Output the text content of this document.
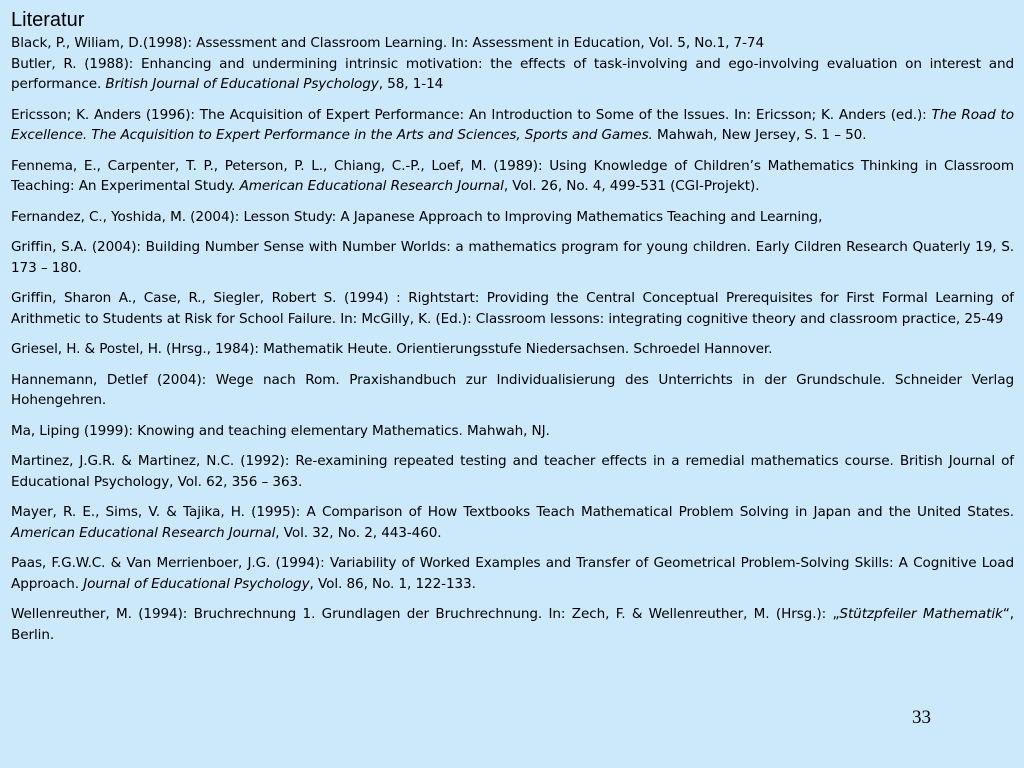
Literatur
Black, P., Wiliam, D.(1998): Assessment and Classroom Learning. In: Assessment in Education, Vol. 5, No.1, 7-74
Butler, R. (1988): Enhancing and undermining intrinsic motivation: the effects of task-involving and ego-involving evaluation on interest and performance. British Journal of Educational Psychology, 58, 1-14
Ericsson; K. Anders (1996): The Acquisition of Expert Performance: An Introduction to Some of the Issues. In: Ericsson; K. Anders (ed.): The Road to Excellence. The Acquisition to Expert Performance in the Arts and Sciences, Sports and Games. Mahwah, New Jersey, S. 1 – 50.
Fennema, E., Carpenter, T. P., Peterson, P. L., Chiang, C.-P., Loef, M. (1989): Using Knowledge of Children’s Mathematics Thinking in Classroom Teaching: An Experimental Study. American Educational Research Journal, Vol. 26, No. 4, 499-531 (CGI-Projekt).
Fernandez, C., Yoshida, M. (2004): Lesson Study: A Japanese Approach to Improving Mathematics Teaching and Learning,
Griffin, S.A. (2004): Building Number Sense with Number Worlds: a mathematics program for young children. Early Cildren Research Quaterly 19, S. 173 – 180.
Griffin, Sharon A., Case, R., Siegler, Robert S. (1994) : Rightstart: Providing the Central Conceptual Prerequisites for First Formal Learning of Arithmetic to Students at Risk for School Failure. In: McGilly, K. (Ed.): Classroom lessons: integrating cognitive theory and classroom practice, 25-49
Griesel, H. & Postel, H. (Hrsg., 1984): Mathematik Heute. Orientierungsstufe Niedersachsen. Schroedel Hannover.
Hannemann, Detlef (2004): Wege nach Rom. Praxishandbuch zur Individualisierung des Unterrichts in der Grundschule. Schneider Verlag Hohengehren.
Ma, Liping (1999): Knowing and teaching elementary Mathematics. Mahwah, NJ.
Martinez, J.G.R. & Martinez, N.C. (1992): Re-examining repeated testing and teacher effects in a remedial mathematics course. British Journal of Educational Psychology, Vol. 62, 356 – 363.
Mayer, R. E., Sims, V. & Tajika, H. (1995): A Comparison of How Textbooks Teach Mathematical Problem Solving in Japan and the United States. American Educational Research Journal, Vol. 32, No. 2, 443-460.
Paas, F.G.W.C. & Van Merrienboer, J.G. (1994): Variability of Worked Examples and Transfer of Geometrical Problem-Solving Skills: A Cognitive Load Approach. Journal of Educational Psychology, Vol. 86, No. 1, 122-133.
Wellenreuther, M. (1994): Bruchrechnung 1. Grundlagen der Bruchrechnung. In: Zech, F. & Wellenreuther, M. (Hrsg.): „Stützpfeiler Mathematik“, Berlin.
33
